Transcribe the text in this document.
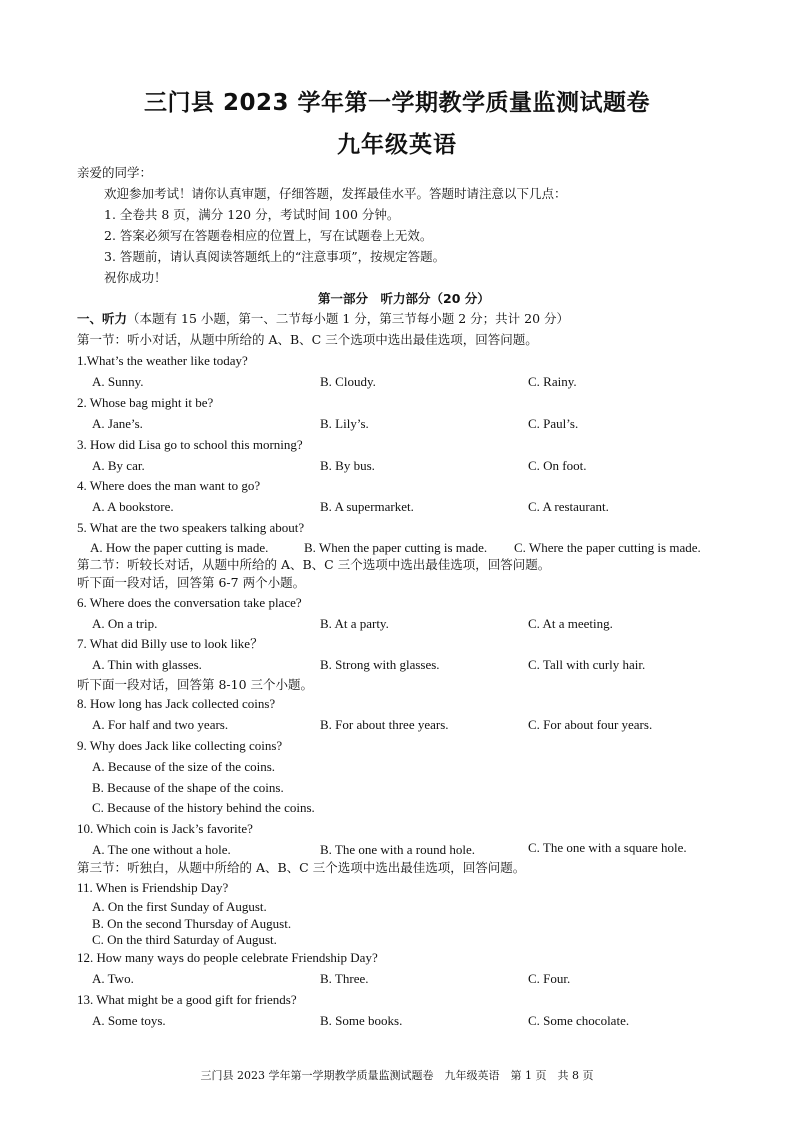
三门县 2023 学年第一学期教学质量监测试题卷
九年级英语
亲爱的同学：
欢迎参加考试！请你认真审题，仔细答题，发挥最佳水平。答题时请注意以下几点：
1. 全卷共 8 页，满分 120 分，考试时间 100 分钟。
2. 答案必须写在答题卷相应的位置上，写在试题卷上无效。
3. 答题前，请认真阅读答题纸上的“注意事项”，按规定答题。
祝你成功！
第一部分　听力部分（20 分）
一、听力（本题有 15 小题，第一、二节每小题 1 分，第三节每小题 2 分；共计 20 分）
第一节：听小对话，从题中所给的 A、B、C 三个选项中选出最佳选项，回答问题。
1.What’s the weather like today?
A. Sunny.	B. Cloudy.	C. Rainy.
2. Whose bag might it be?
A. Jane’s.	B. Lily’s.	C. Paul’s.
3. How did Lisa go to school this morning?
A. By car.	B. By bus.	C. On foot.
4. Where does the man want to go?
A. A bookstore.	B. A supermarket.	C. A restaurant.
5. What are the two speakers talking about?
A. How the paper cutting is made.	B. When the paper cutting is made. C. Where the paper cutting is made.
第二节：听较长对话，从题中所给的 A、B、C 三个选项中选出最佳选项，回答问题。
听下面一段对话，回答第 6-7 两个小题。
6. Where does the conversation take place?
A. On a trip.	B. At a party.	C. At a meeting.
7. What did Billy use to look like？
A. Thin with glasses.	B. Strong with glasses.	C. Tall with curly hair.
听下面一段对话，回答第 8-10 三个小题。
8. How long has Jack collected coins?
A. For half and two years.	B. For about three years.	C. For about four years.
9. Why does Jack like collecting coins?
A. Because of the size of the coins.
B. Because of the shape of the coins.
C. Because of the history behind the coins.
10. Which coin is Jack’s favorite?
A. The one without a hole.	B. The one with a round hole.	C. The one with a square hole.
第三节：听独白，从题中所给的 A、B、C 三个选项中选出最佳选项，回答问题。
11. When is Friendship Day?
A. On the first Sunday of August.
B. On the second Thursday of August.
C. On the third Saturday of August.
12. How many ways do people celebrate Friendship Day?
A. Two.	B. Three.	C. Four.
13. What might be a good gift for friends?
A. Some toys.	B. Some books.	C. Some chocolate.
三门县 2023 学年第一学期教学质量监测试题卷　九年级英语　第 1 页　共 8 页
